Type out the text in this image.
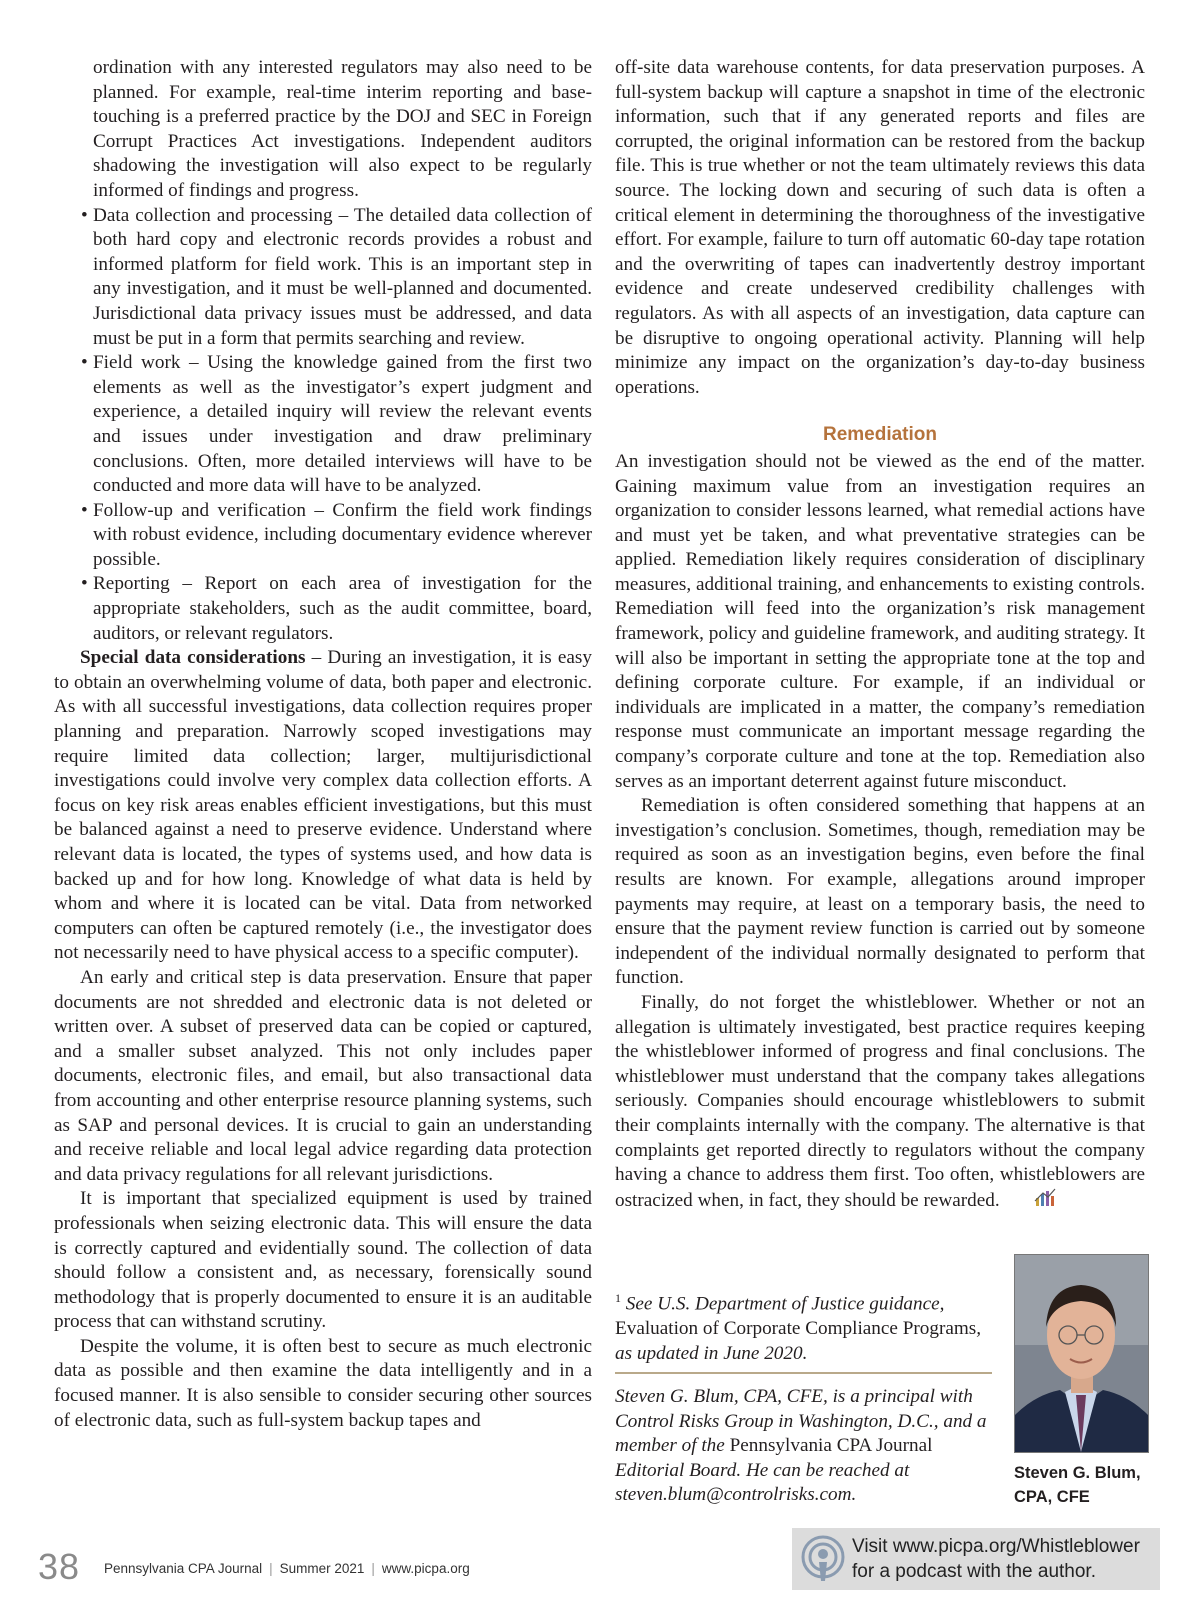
ordination with any interested regulators may also need to be planned. For example, real-time interim reporting and base-touching is a preferred practice by the DOJ and SEC in Foreign Corrupt Practices Act investigations. Independent auditors shadowing the investigation will also expect to be regularly informed of findings and progress.

• Data collection and processing – The detailed data collection of both hard copy and electronic records provides a robust and informed platform for field work. This is an important step in any investigation, and it must be well-planned and documented. Jurisdictional data privacy issues must be addressed, and data must be put in a form that permits searching and review.
• Field work – Using the knowledge gained from the first two elements as well as the investigator’s expert judgment and experience, a detailed inquiry will review the relevant events and issues under investigation and draw preliminary conclusions. Often, more detailed interviews will have to be conducted and more data will have to be analyzed.
• Follow-up and verification – Confirm the field work findings with robust evidence, including documentary evidence wherever possible.
• Reporting – Report on each area of investigation for the appropriate stakeholders, such as the audit committee, board, auditors, or relevant regulators.

Special data considerations – During an investigation, it is easy to obtain an overwhelming volume of data, both paper and electronic. As with all successful investigations, data collection requires proper planning and preparation. Narrowly scoped investigations may require limited data collection; larger, multijurisdictional investigations could involve very complex data collection efforts. A focus on key risk areas enables efficient investigations, but this must be balanced against a need to preserve evidence. Understand where relevant data is located, the types of systems used, and how data is backed up and for how long. Knowledge of what data is held by whom and where it is located can be vital. Data from networked computers can often be captured remotely (i.e., the investigator does not necessarily need to have physical access to a specific computer).

An early and critical step is data preservation. Ensure that paper documents are not shredded and electronic data is not deleted or written over. A subset of preserved data can be copied or captured, and a smaller subset analyzed. This not only includes paper documents, electronic files, and email, but also transactional data from accounting and other enterprise resource planning systems, such as SAP and personal devices. It is crucial to gain an understanding and receive reliable and local legal advice regarding data protection and data privacy regulations for all relevant jurisdictions.

It is important that specialized equipment is used by trained professionals when seizing electronic data. This will ensure the data is correctly captured and evidentially sound. The collection of data should follow a consistent and, as necessary, forensically sound methodology that is properly documented to ensure it is an auditable process that can withstand scrutiny.

Despite the volume, it is often best to secure as much electronic data as possible and then examine the data intelligently and in a focused manner. It is also sensible to consider securing other sources of electronic data, such as full-system backup tapes and

off-site data warehouse contents, for data preservation purposes. A full-system backup will capture a snapshot in time of the electronic information, such that if any generated reports and files are corrupted, the original information can be restored from the backup file. This is true whether or not the team ultimately reviews this data source. The locking down and securing of such data is often a critical element in determining the thoroughness of the investigative effort. For example, failure to turn off automatic 60-day tape rotation and the overwriting of tapes can inadvertently destroy important evidence and create undeserved credibility challenges with regulators. As with all aspects of an investigation, data capture can be disruptive to ongoing operational activity. Planning will help minimize any impact on the organization’s day-to-day business operations.

Remediation

An investigation should not be viewed as the end of the matter. Gaining maximum value from an investigation requires an organization to consider lessons learned, what remedial actions have and must yet be taken, and what preventative strategies can be applied. Remediation likely requires consideration of disciplinary measures, additional training, and enhancements to existing controls. Remediation will feed into the organization’s risk management framework, policy and guideline framework, and auditing strategy. It will also be important in setting the appropriate tone at the top and defining corporate culture. For example, if an individual or individuals are implicated in a matter, the company’s remediation response must communicate an important message regarding the company’s corporate culture and tone at the top. Remediation also serves as an important deterrent against future misconduct.

Remediation is often considered something that happens at an investigation’s conclusion. Sometimes, though, remediation may be required as soon as an investigation begins, even before the final results are known. For example, allegations around improper payments may require, at least on a temporary basis, the need to ensure that the payment review function is carried out by someone independent of the individual normally designated to perform that function.

Finally, do not forget the whistleblower. Whether or not an allegation is ultimately investigated, best practice requires keeping the whistleblower informed of progress and final conclusions. The whistleblower must understand that the company takes allegations seriously. Companies should encourage whistleblowers to submit their complaints internally with the company. The alternative is that complaints get reported directly to regulators without the company having a chance to address them first. Too often, whistleblowers are ostracized when, in fact, they should be rewarded.

$^1$ See U.S. Department of Justice guidance, Evaluation of Corporate Compliance Programs, as updated in June 2020.
Steven G. Blum, CPA, CFE, is a principal with Control Risks Group in Washington, D.C., and a member of the Pennsylvania CPA Journal Editorial Board. He can be reached at steven.blum@controlrisks.com.
Steven G. Blum,
CPA, CFE
38 Pennsylvania CPA Journal | Summer 2021 | www.picpa.org
Visit www.picpa.org/Whistleblower
for a podcast with the author.
